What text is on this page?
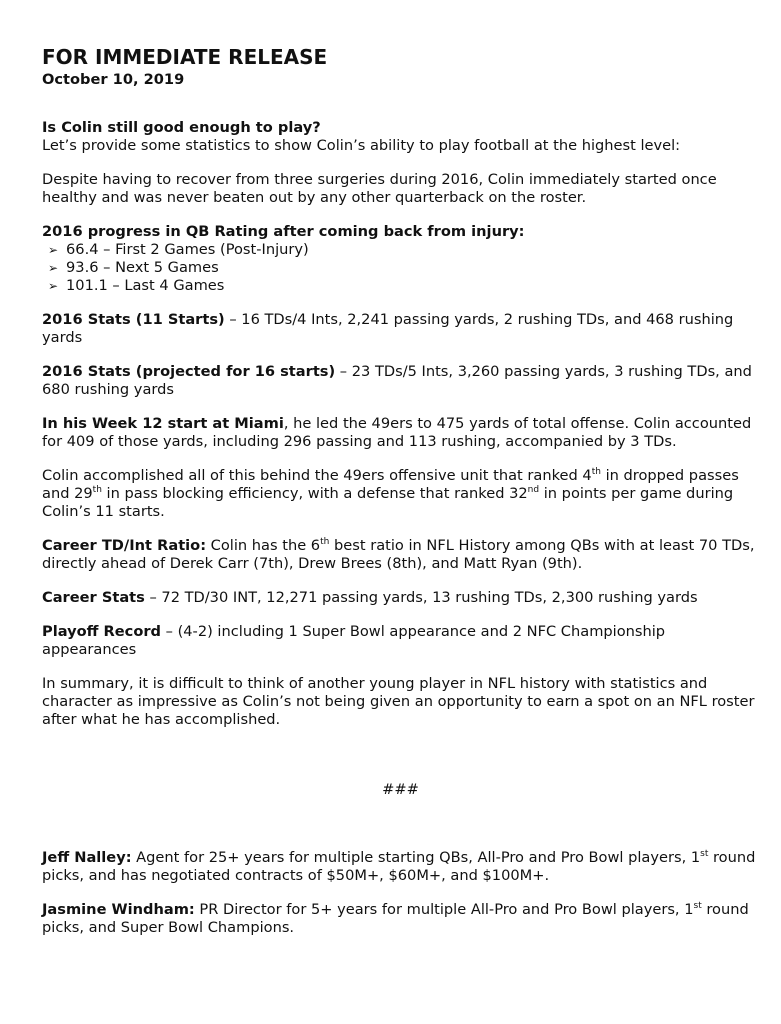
FOR IMMEDIATE RELEASE

October 10, 2019

Is Colin still good enough to play?
Let’s provide some statistics to show Colin’s ability to play football at the highest level:

Despite having to recover from three surgeries during 2016, Colin immediately started once healthy and was never beaten out by any other quarterback on the roster.

2016 progress in QB Rating after coming back from injury:
➢ 66.4 – First 2 Games (Post-Injury)
➢ 93.6 – Next 5 Games
➢ 101.1 – Last 4 Games

2016 Stats (11 Starts) – 16 TDs/4 Ints, 2,241 passing yards, 2 rushing TDs, and 468 rushing yards

2016 Stats (projected for 16 starts) – 23 TDs/5 Ints, 3,260 passing yards, 3 rushing TDs, and 680 rushing yards

In his Week 12 start at Miami, he led the 49ers to 475 yards of total offense. Colin accounted for 409 of those yards, including 296 passing and 113 rushing, accompanied by 3 TDs.

Colin accomplished all of this behind the 49ers offensive unit that ranked 4th in dropped passes and 29th in pass blocking efficiency, with a defense that ranked 32nd in points per game during Colin’s 11 starts.

Career TD/Int Ratio: Colin has the 6th best ratio in NFL History among QBs with at least 70 TDs, directly ahead of Derek Carr (7th), Drew Brees (8th), and Matt Ryan (9th).

Career Stats – 72 TD/30 INT, 12,271 passing yards, 13 rushing TDs, 2,300 rushing yards

Playoff Record – (4-2) including 1 Super Bowl appearance and 2 NFC Championship appearances

In summary, it is difficult to think of another young player in NFL history with statistics and character as impressive as Colin’s not being given an opportunity to earn a spot on an NFL roster after what he has accomplished.

###

Jeff Nalley: Agent for 25+ years for multiple starting QBs, All-Pro and Pro Bowl players, 1st round picks, and has negotiated contracts of $50M+, $60M+, and $100M+.

Jasmine Windham: PR Director for 5+ years for multiple All-Pro and Pro Bowl players, 1st round picks, and Super Bowl Champions.
